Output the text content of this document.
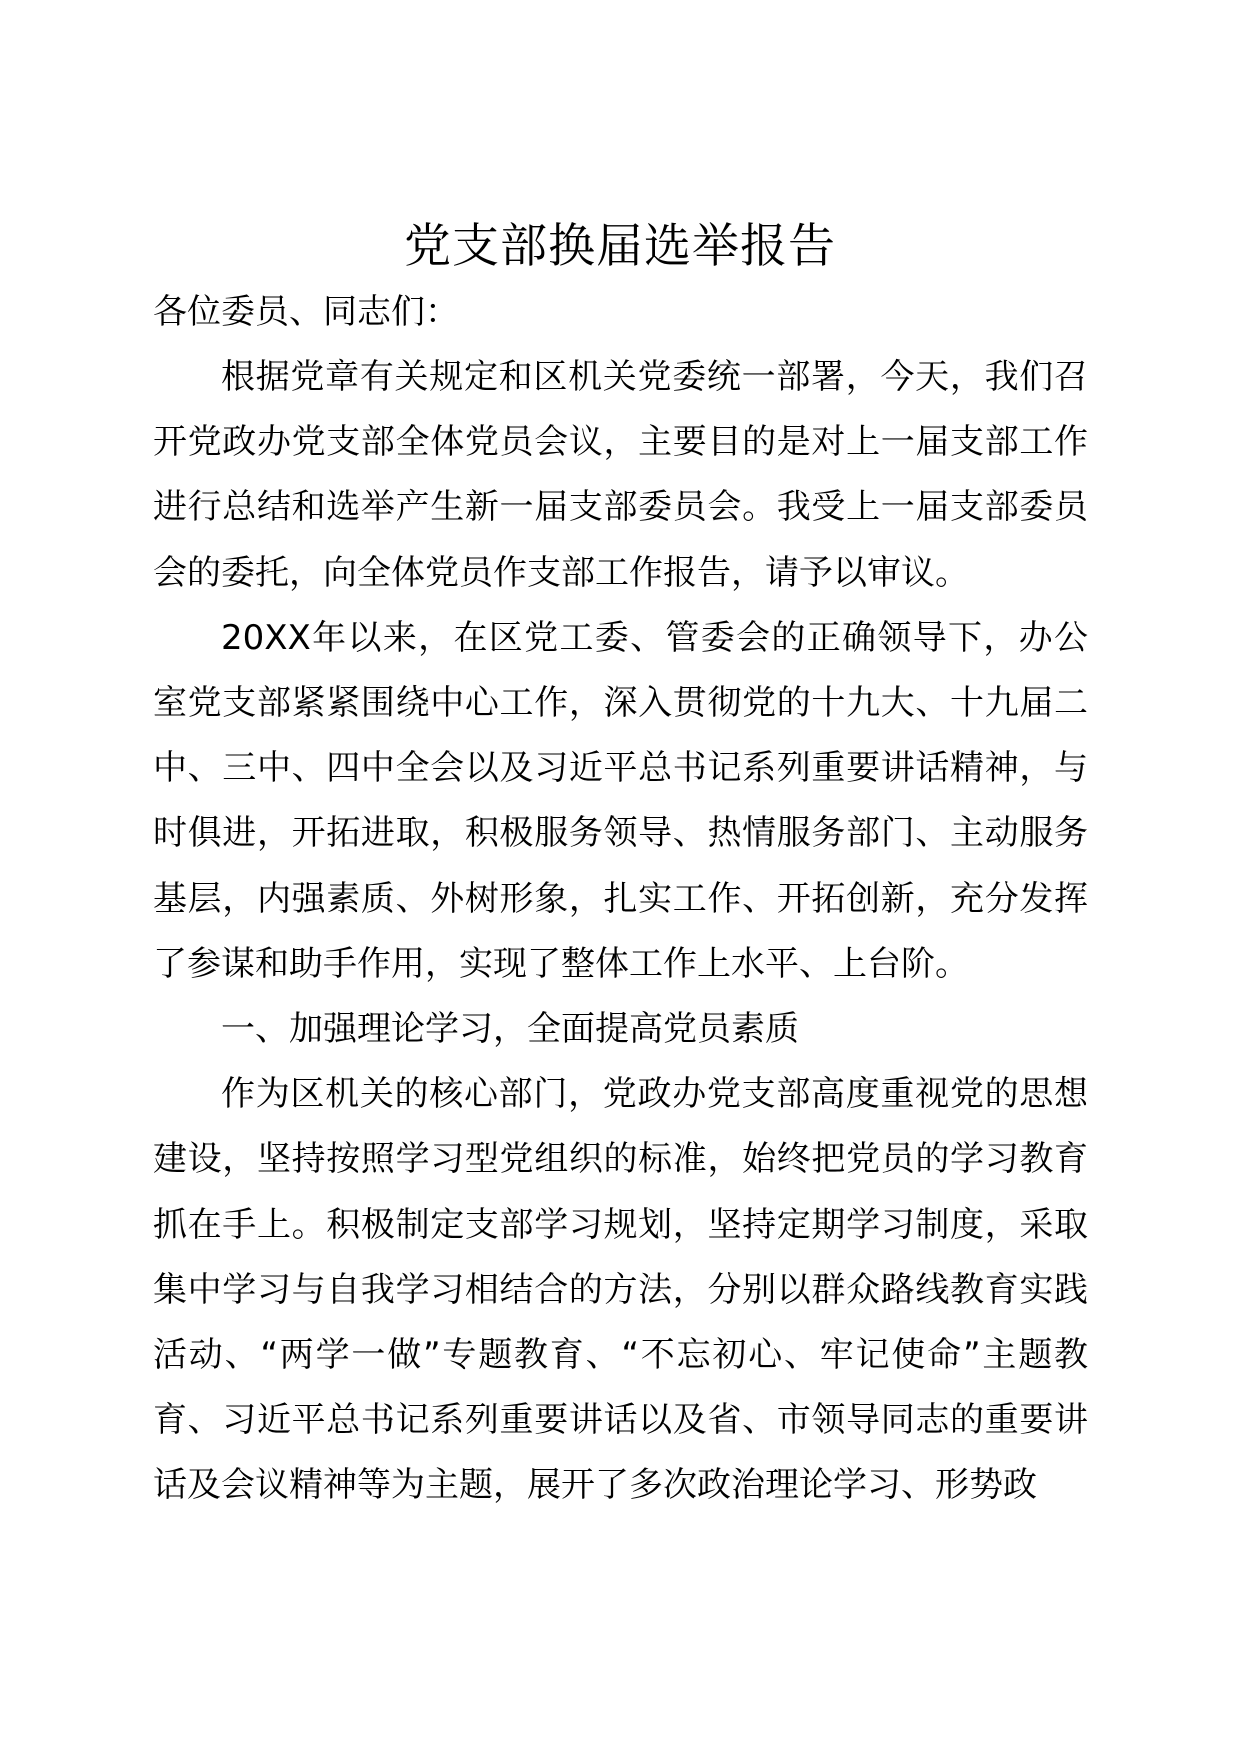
党支部换届选举报告

各位委员、同志们：

根据党章有关规定和区机关党委统一部署，今天，我们召开党政办党支部全体党员会议，主要目的是对上一届支部工作进行总结和选举产生新一届支部委员会。我受上一届支部委员会的委托，向全体党员作支部工作报告，请予以审议。

20XX年以来，在区党工委、管委会的正确领导下，办公室党支部紧紧围绕中心工作，深入贯彻党的十九大、十九届二中、三中、四中全会以及习近平总书记系列重要讲话精神，与时俱进，开拓进取，积极服务领导、热情服务部门、主动服务基层，内强素质、外树形象，扎实工作、开拓创新，充分发挥了参谋和助手作用，实现了整体工作上水平、上台阶。

一、加强理论学习，全面提高党员素质

作为区机关的核心部门，党政办党支部高度重视党的思想建设，坚持按照学习型党组织的标准，始终把党员的学习教育抓在手上。积极制定支部学习规划，坚持定期学习制度，采取集中学习与自我学习相结合的方法，分别以群众路线教育实践活动、“两学一做”专题教育、“不忘初心、牢记使命”主题教育、习近平总书记系列重要讲话以及省、市领导同志的重要讲话及会议精神等为主题，展开了多次政治理论学习、形势政
